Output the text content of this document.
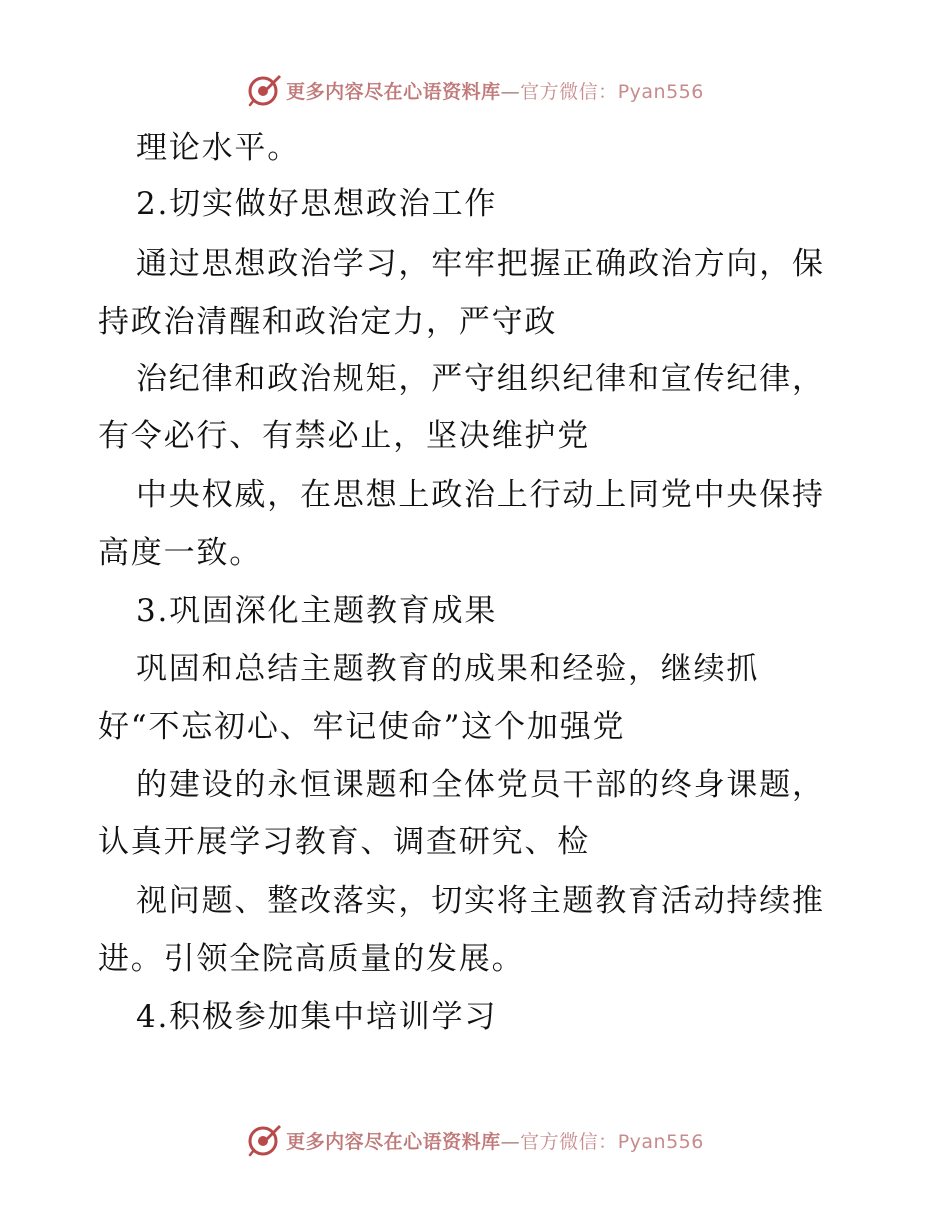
更多内容尽在心语资料库—官方微信：Pyan556
理论水平。
2.切实做好思想政治工作
通过思想政治学习，牢牢把握正确政治方向，保
持政治清醒和政治定力，严守政
治纪律和政治规矩，严守组织纪律和宣传纪律，
有令必行、有禁必止，坚决维护党
中央权威，在思想上政治上行动上同党中央保持
高度一致。
3.巩固深化主题教育成果
巩固和总结主题教育的成果和经验，继续抓
好“不忘初心、牢记使命”这个加强党
的建设的永恒课题和全体党员干部的终身课题，
认真开展学习教育、调查研究、检
视问题、整改落实，切实将主题教育活动持续推
进。引领全院高质量的发展。
4.积极参加集中培训学习
更多内容尽在心语资料库—官方微信：Pyan556
